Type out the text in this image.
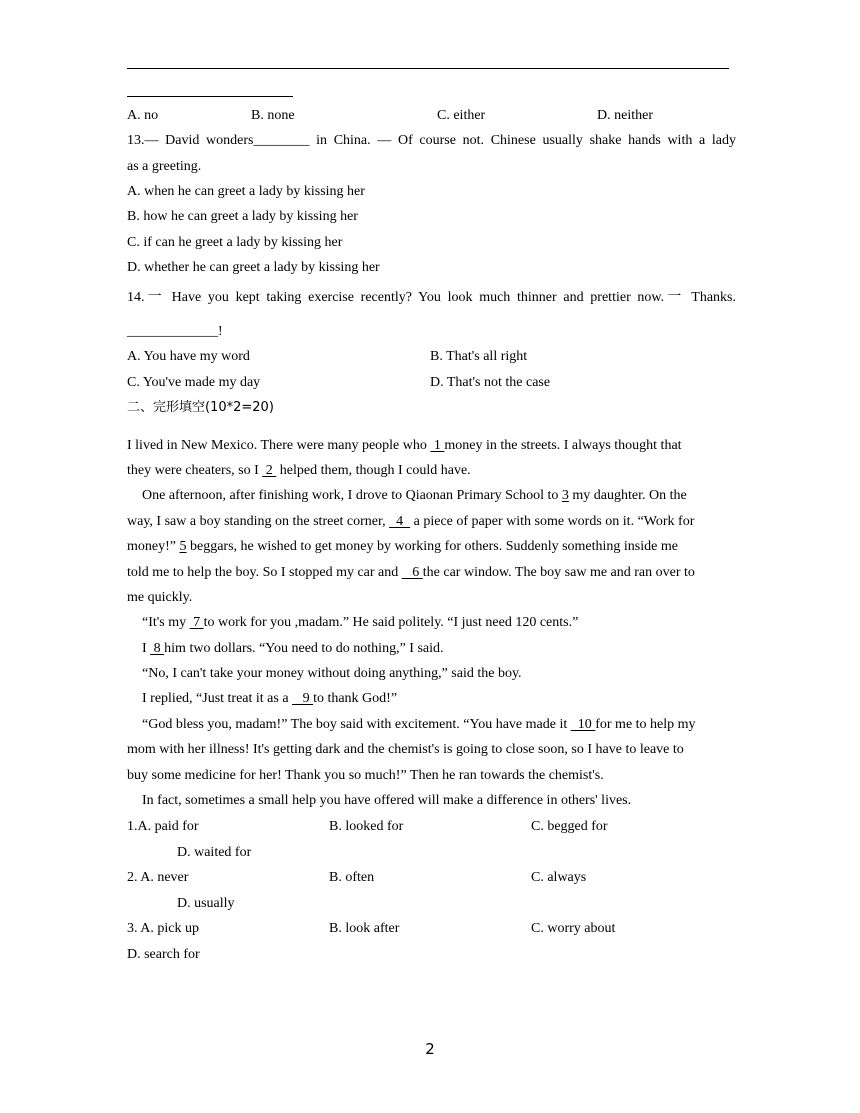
A. no	B. none	C. either	D. neither
13.— David wonders________ in China. — Of course not. Chinese usually shake hands with a lady
as a greeting.
A. when he can greet a lady by kissing her
B. how he can greet a lady by kissing her
C. if can he greet a lady by kissing her
D. whether he can greet a lady by kissing her
14.一 Have you kept taking exercise recently? You look much thinner and prettier now.一 Thanks.
_____________!
A. You have my word	B. That's all right
C. You've made my day	D. That's not the case
二、完形填空(10*2=20)
I lived in New Mexico. There were many people who  1 money in the streets. I always thought that
they were cheaters, so I  2  helped them, though I could have.
One afternoon, after finishing work, I drove to Qiaonan Primary School to 3 my daughter. On the
way, I saw a boy standing on the street corner,   4   a piece of paper with some words on it. “Work for
money!” 5 beggars, he wished to get money by working for others. Suddenly something inside me
told me to help the boy. So I stopped my car and    6 the car window. The boy saw me and ran over to
me quickly.
“It's my  7 to work for you ,madam.” He said politely. “I just need 120 cents.”
I  8 him two dollars. “You need to do nothing,” I said.
“No, I can't take your money without doing anything,” said the boy.
I replied, “Just treat it as a    9 to thank God!”
“God bless you, madam!” The boy said with excitement. “You have made it   10 for me to help my
mom with her illness! It's getting dark and the chemist's is going to close soon, so I have to leave to
buy some medicine for her! Thank you so much!” Then he ran towards the chemist's.
In fact, sometimes a small help you have offered will make a difference in others' lives.
1.A. paid for	B. looked for	C. begged for
D. waited for
2. A. never	B. often	C. always
D. usually
3. A. pick up	B. look after	C. worry about
D. search for
2
